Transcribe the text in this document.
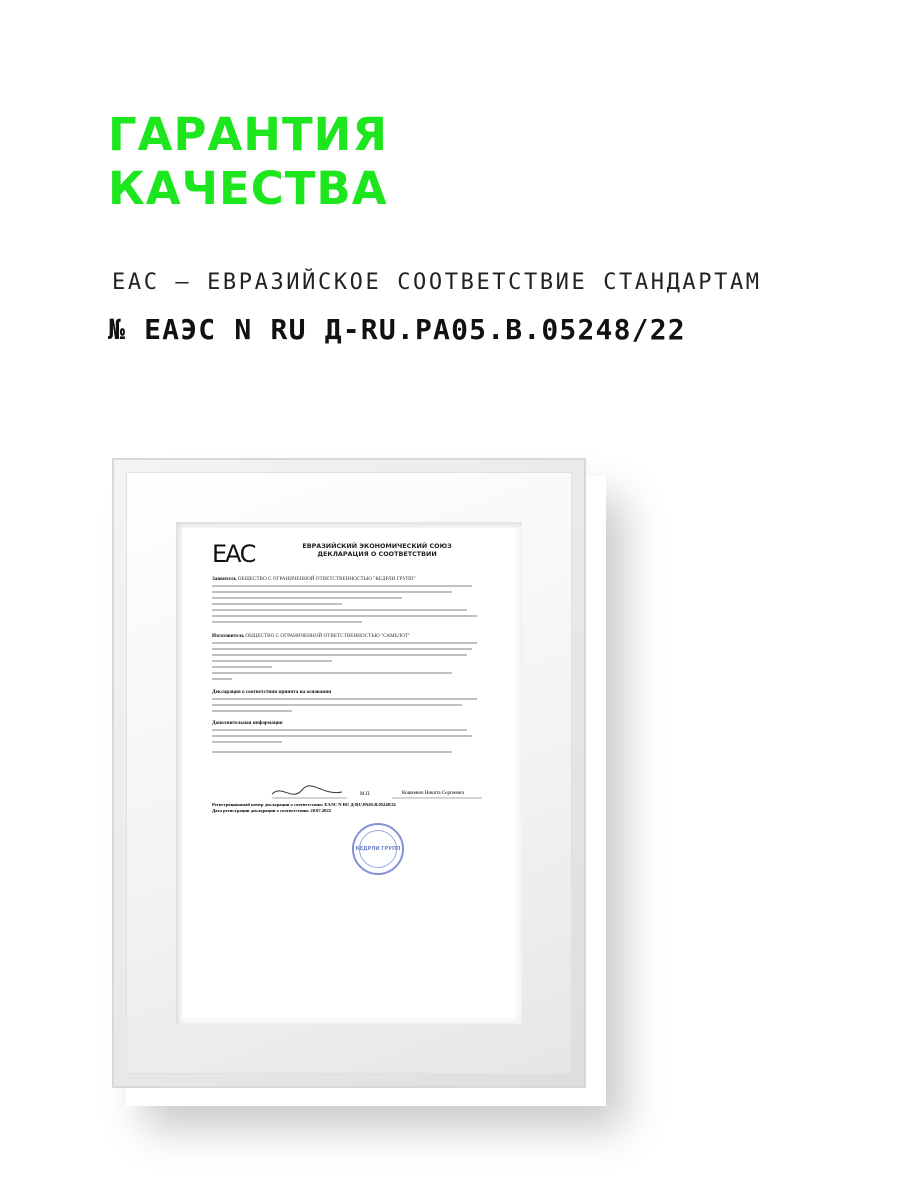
ГАРАНТИЯ
КАЧЕСТВА

ЕАС – ЕВРАЗИЙСКОЕ СООТВЕТСТВИЕ СТАНДАРТАМ

№ ЕАЭС N RU Д-RU.РА05.В.05248/22

ЕАС	ЕВРАЗИЙСКИЙ ЭКОНОМИЧЕСКИЙ СОЮЗ
ДЕКЛАРАЦИЯ О СООТВЕТСТВИИ

Заявитель ОБЩЕСТВО С ОГРАНИЧЕННОЙ ОТВЕТСТВЕННОСТЬЮ "КЕДРЛИ ГРУПП"

Изготовитель ОБЩЕСТВО С ОГРАНИЧЕННОЙ ОТВЕТСТВЕННОСТЬЮ "САМЕЛОТ"

Декларация о соответствии принята на основании

Дополнительная информация

М.П.	Кошкевич Никита Сергеевич
Регистрационный номер декларации о соответствии: ЕАЭС N RU Д-RU.РА05.В.05248/22
Дата регистрации декларации о соответствии: 20.07.2022
КЕДРЛИ ГРУПП
